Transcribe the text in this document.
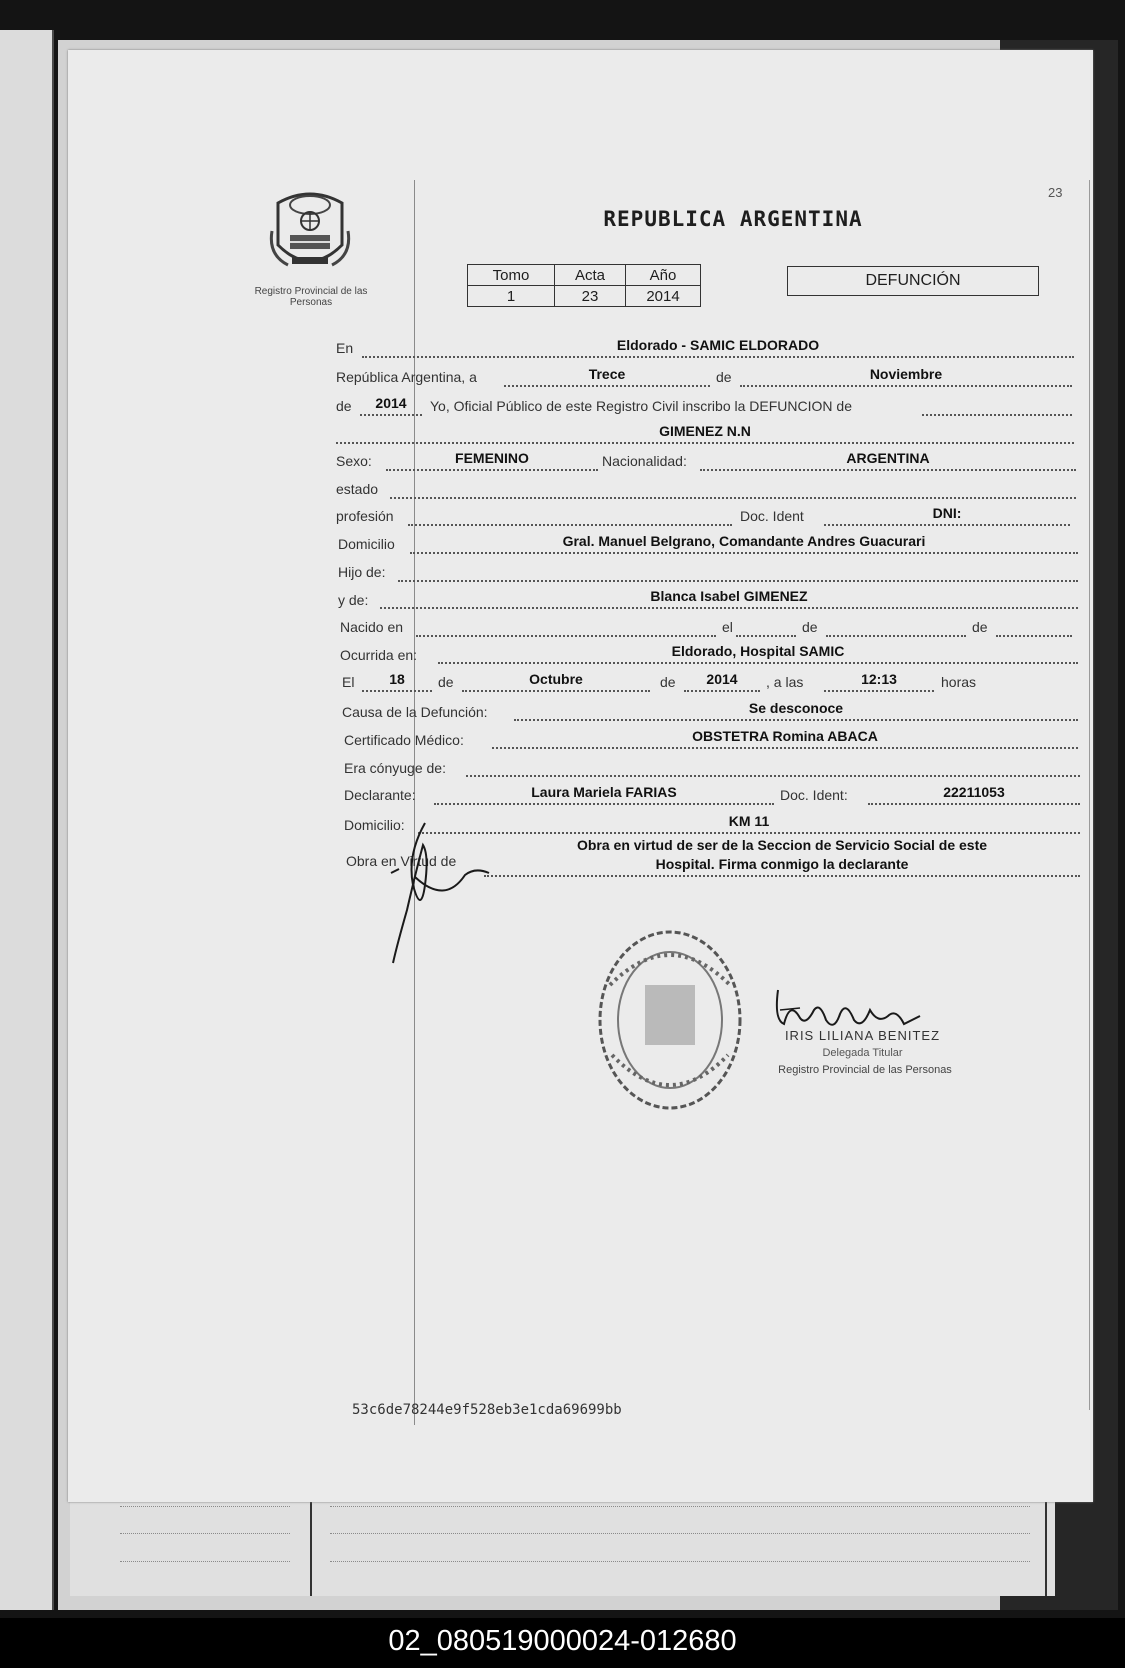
Registro Provincial de las Personas
23
REPUBLICA ARGENTINA
Tomo	Acta	Año
1	23	2014
DEFUNCIÓN
En	Eldorado - SAMIC ELDORADO
República Argentina, a	Trece	de	Noviembre
de	2014	Yo, Oficial Público de este Registro Civil inscribo la DEFUNCION de
GIMENEZ N.N
Sexo:	FEMENINO	Nacionalidad:	ARGENTINA
estado
profesión	Doc. Ident	DNI:
Domicilio	Gral. Manuel Belgrano, Comandante Andres Guacurari
Hijo de:
y de:	Blanca Isabel GIMENEZ
Nacido en	el	de	de
Ocurrida en:	Eldorado, Hospital SAMIC
El	18	de	Octubre	de	2014	, a las	12:13	horas
Causa de la Defunción:	Se desconoce
Certificado Médico:	OBSTETRA Romina ABACA
Era cónyuge de:
Declarante:	Laura Mariela FARIAS	Doc. Ident:	22211053
Domicilio:	KM 11
Obra en Virtud de
Obra en virtud de ser de la Seccion de Servicio Social de este
Hospital. Firma conmigo la declarante
53c6de78244e9f528eb3e1cda69699bb
IRIS LILIANA BENITEZ
Delegada Titular
Registro Provincial de las Personas
02_080519000024-012680
